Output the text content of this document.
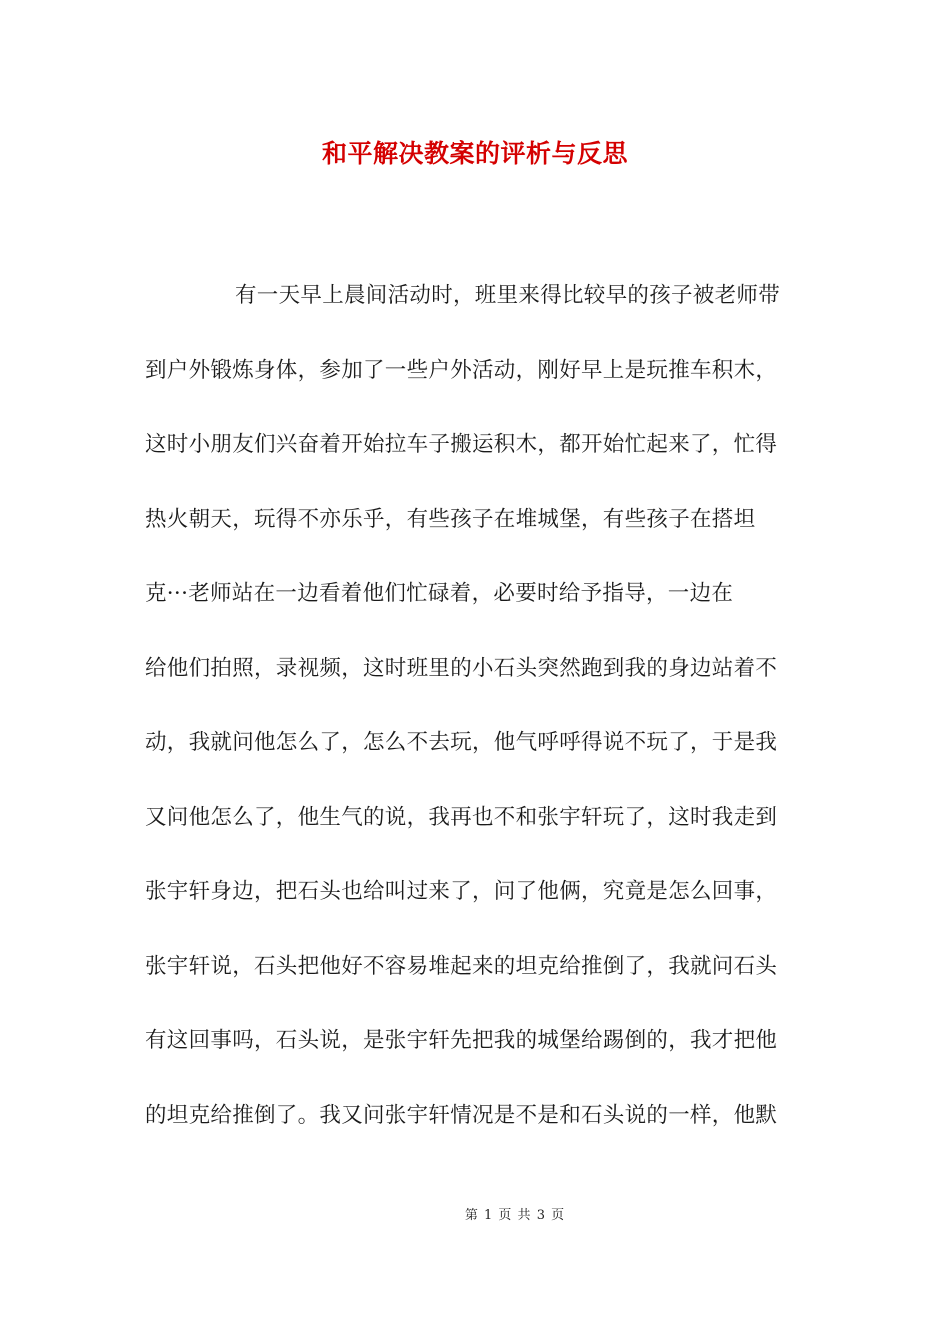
和平解决教案的评析与反思
有一天早上晨间活动时，班里来得比较早的孩子被老师带
到户外锻炼身体，参加了一些户外活动，刚好早上是玩推车积木，
这时小朋友们兴奋着开始拉车子搬运积木，都开始忙起来了，忙得
热火朝天，玩得不亦乐乎，有些孩子在堆城堡，有些孩子在搭坦
克···老师站在一边看着他们忙碌着，必要时给予指导，一边在
给他们拍照，录视频，这时班里的小石头突然跑到我的身边站着不
动，我就问他怎么了，怎么不去玩，他气呼呼得说不玩了，于是我
又问他怎么了，他生气的说，我再也不和张宇轩玩了，这时我走到
张宇轩身边，把石头也给叫过来了，问了他俩，究竟是怎么回事，
张宇轩说，石头把他好不容易堆起来的坦克给推倒了，我就问石头
有这回事吗，石头说，是张宇轩先把我的城堡给踢倒的，我才把他
的坦克给推倒了。我又问张宇轩情况是不是和石头说的一样，他默
第 1 页 共 3 页
